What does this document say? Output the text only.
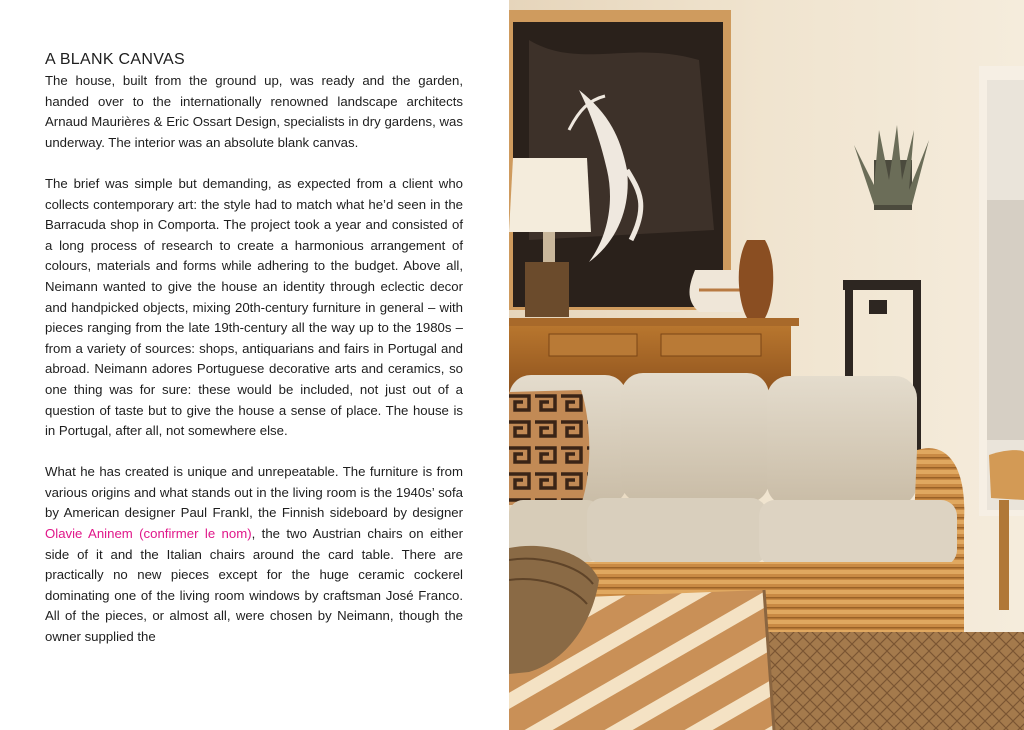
A BLANK CANVAS

The house, built from the ground up, was ready and the garden, handed over to the internationally renowned landscape architects Arnaud Maurières & Eric Ossart Design, specialists in dry gardens, was underway. The interior was an absolute blank canvas.

The brief was simple but demanding, as expected from a client who collects contemporary art: the style had to match what he’d seen in the Barracuda shop in Comporta. The project took a year and consisted of a long process of research to create a harmonious arrangement of colours, materials and forms while adhering to the budget. Above all, Neimann wanted to give the house an identity through eclectic decor and handpicked objects, mixing 20th-century furniture in general – with pieces ranging from the late 19th-century all the way up to the 1980s – from a variety of sources: shops, antiquarians and fairs in Portugal and abroad. Neimann adores Portuguese decorative arts and ceramics, so one thing was for sure: these would be included, not just out of a question of taste but to give the house a sense of place. The house is in Portugal, after all, not somewhere else.

What he has created is unique and unrepeatable. The furniture is from various origins and what stands out in the living room is the 1940s’ sofa by American designer Paul Frankl, the Finnish sideboard by designer Olavie Aninem (confirmer le nom), the two Austrian chairs on either side of it and the Italian chairs around the card table. There are practically no new pieces except for the huge ceramic cockerel dominating one of the living room windows by craftsman José Franco. All of the pieces, or almost all, were chosen by Neimann, though the owner supplied the
